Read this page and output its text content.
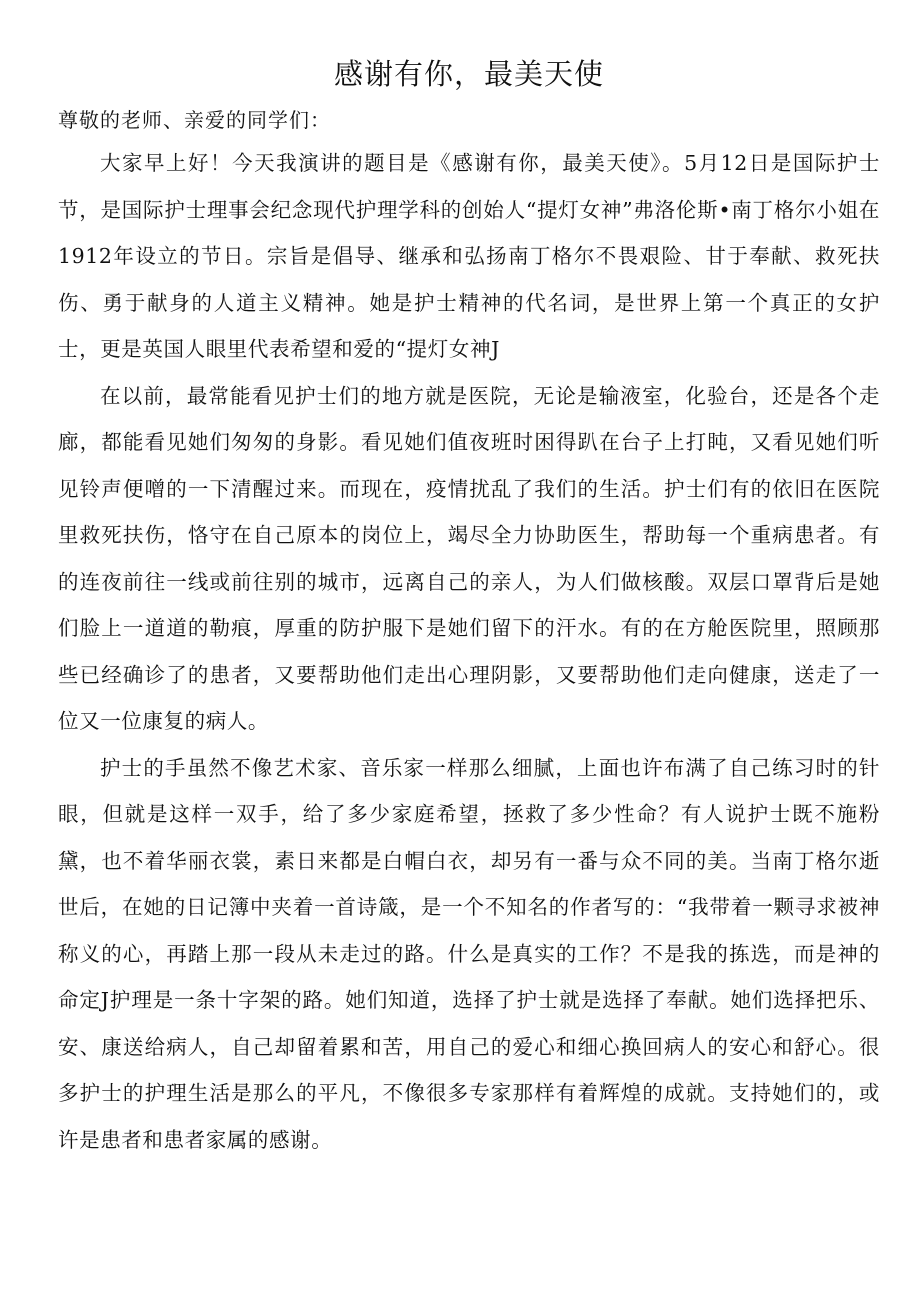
感谢有你，最美天使

尊敬的老师、亲爱的同学们：

大家早上好！今天我演讲的题目是《感谢有你，最美天使》。5月12日是国际护士节，是国际护士理事会纪念现代护理学科的创始人“提灯女神”弗洛伦斯•南丁格尔小姐在1912年设立的节日。宗旨是倡导、继承和弘扬南丁格尔不畏艰险、甘于奉献、救死扶伤、勇于献身的人道主义精神。她是护士精神的代名词，是世界上第一个真正的女护士，更是英国人眼里代表希望和爱的“提灯女神J

在以前，最常能看见护士们的地方就是医院，无论是输液室，化验台，还是各个走廊，都能看见她们匆匆的身影。看见她们值夜班时困得趴在台子上打盹，又看见她们听见铃声便噌的一下清醒过来。而现在，疫情扰乱了我们的生活。护士们有的依旧在医院里救死扶伤，恪守在自己原本的岗位上，竭尽全力协助医生，帮助每一个重病患者。有的连夜前往一线或前往别的城市，远离自己的亲人，为人们做核酸。双层口罩背后是她们脸上一道道的勒痕，厚重的防护服下是她们留下的汗水。有的在方舱医院里，照顾那些已经确诊了的患者，又要帮助他们走出心理阴影，又要帮助他们走向健康，送走了一位又一位康复的病人。

护士的手虽然不像艺术家、音乐家一样那么细腻，上面也许布满了自己练习时的针眼，但就是这样一双手，给了多少家庭希望，拯救了多少性命？有人说护士既不施粉黛，也不着华丽衣裳，素日来都是白帽白衣，却另有一番与众不同的美。当南丁格尔逝世后，在她的日记簿中夹着一首诗箴，是一个不知名的作者写的：“我带着一颗寻求被神称义的心，再踏上那一段从未走过的路。什么是真实的工作？不是我的拣选，而是神的命定J护理是一条十字架的路。她们知道，选择了护士就是选择了奉献。她们选择把乐、安、康送给病人，自己却留着累和苦，用自己的爱心和细心换回病人的安心和舒心。很多护士的护理生活是那么的平凡，不像很多专家那样有着辉煌的成就。支持她们的，或许是患者和患者家属的感谢。
